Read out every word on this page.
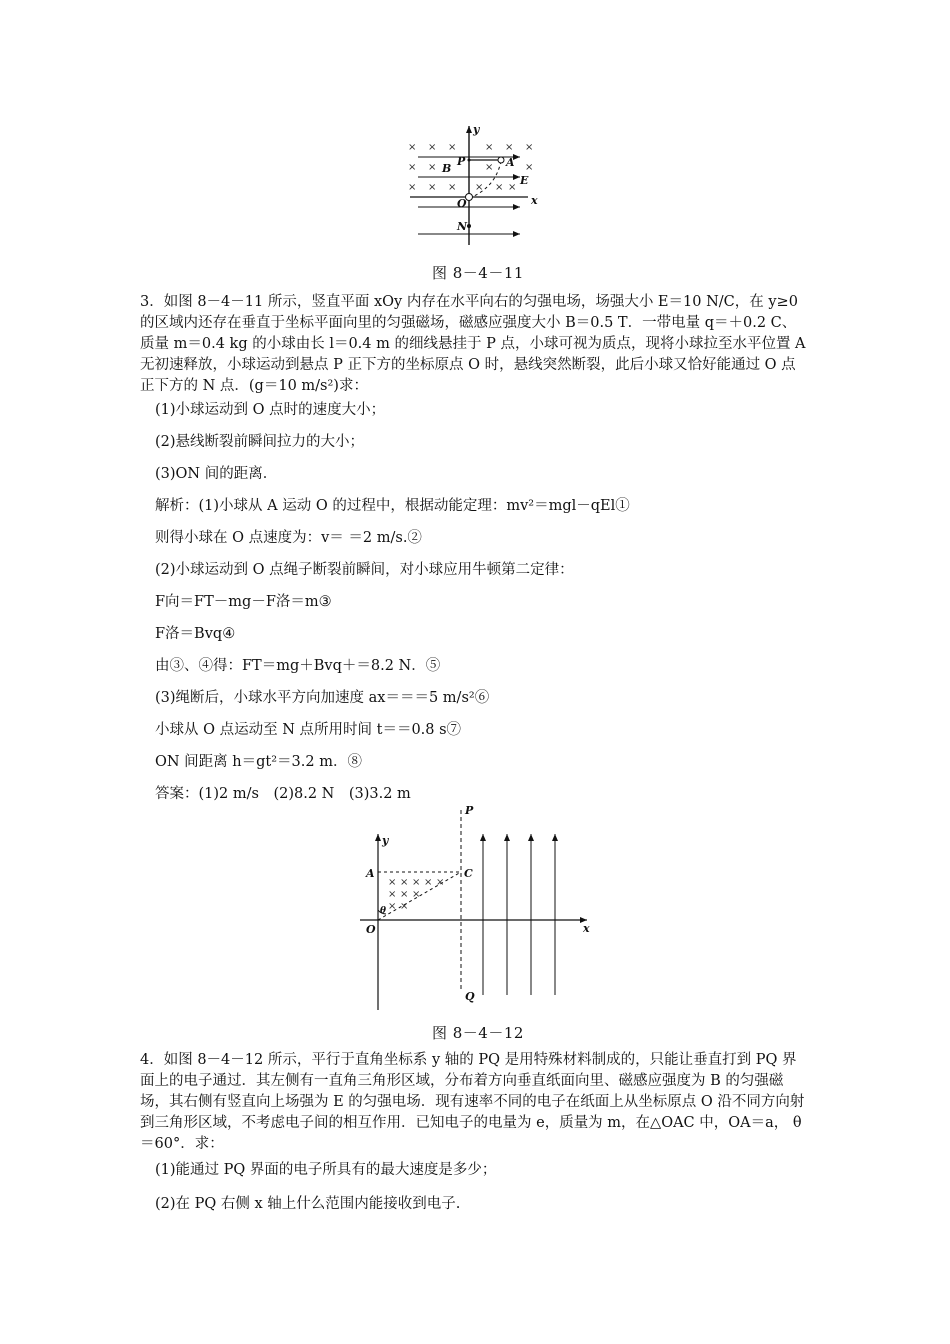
× × ×	× × ×
× ×	×	×
× × × × × ×
y
x
P	A
B
E
O
N
图 8－4－11

3．如图 8－4－11 所示，竖直平面 xOy 内存在水平向右的匀强电场，场强大小 E＝10 N/C，在 y≥0 的区域内还存在垂直于坐标平面向里的匀强磁场，磁感应强度大小 B＝0.5 T．一带电量 q＝＋0.2 C、质量 m＝0.4 kg 的小球由长 l＝0.4 m 的细线悬挂于 P 点，小球可视为质点，现将小球拉至水平位置 A 无初速释放，小球运动到悬点 P 正下方的坐标原点 O 时，悬线突然断裂，此后小球又恰好能通过 O 点正下方的 N 点．(g＝10 m/s²)求：

(1)小球运动到 O 点时的速度大小；
(2)悬线断裂前瞬间拉力的大小；
(3)ON 间的距离．
解析：(1)小球从 A 运动 O 的过程中，根据动能定理：mv²＝mgl－qEl①
则得小球在 O 点速度为：v＝ ＝2 m/s.②
(2)小球运动到 O 点绳子断裂前瞬间，对小球应用牛顿第二定律：
F向＝FT－mg－F洛＝m③
F洛＝Bvq④
由③、④得：FT＝mg＋Bvq＋＝8.2 N．⑤
(3)绳断后，小球水平方向加速度 ax＝＝＝5 m/s²⑥
小球从 O 点运动至 N 点所用时间 t＝＝0.8 s⑦
ON 间距离 h＝gt²＝3.2 m．⑧
答案：(1)2 m/s　(2)8.2 N　(3)3.2 m
× × × × ×
× × ×
× ×
P
Q
y
x
A	C
O
θ
图 8－4－12

4．如图 8－4－12 所示，平行于直角坐标系 y 轴的 PQ 是用特殊材料制成的，只能让垂直打到 PQ 界面上的电子通过．其左侧有一直角三角形区域，分布着方向垂直纸面向里、磁感应强度为 B 的匀强磁场，其右侧有竖直向上场强为 E 的匀强电场．现有速率不同的电子在纸面上从坐标原点 O 沿不同方向射到三角形区域，不考虑电子间的相互作用．已知电子的电量为 e，质量为 m，在△OAC 中，OA＝a， θ＝60°．求：

(1)能通过 PQ 界面的电子所具有的最大速度是多少；
(2)在 PQ 右侧 x 轴上什么范围内能接收到电子.
